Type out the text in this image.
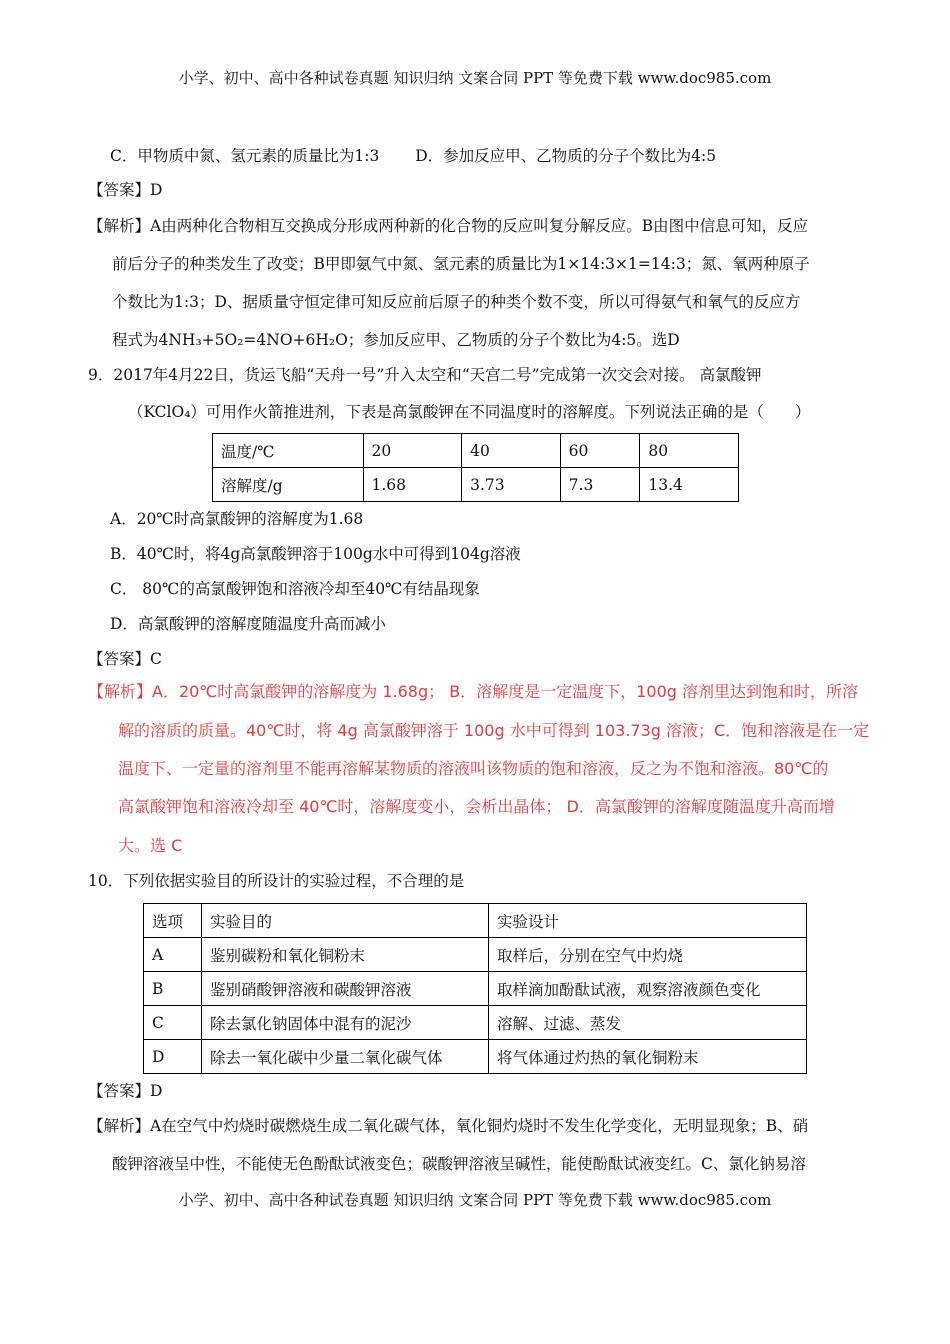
小学、初中、高中各种试卷真题 知识归纳 文案合同 PPT 等免费下载 www.doc985.com
C．甲物质中氮、氢元素的质量比为1:3　　 D．参加反应甲、乙物质的分子个数比为4:5
【答案】D
【解析】A由两种化合物相互交换成分形成两种新的化合物的反应叫复分解反应。B由图中信息可知，反应
前后分子的种类发生了改变；B甲即氨气中氮、氢元素的质量比为1×14:3×1=14:3；氮、氧两种原子
个数比为1:3；D、据质量守恒定律可知反应前后原子的种类个数不变，所以可得氨气和氧气的反应方
程式为4NH₃+5O₂=4NO+6H₂O；参加反应甲、乙物质的分子个数比为4:5。选D
9．2017年4月22日，货运飞船“天舟一号”升入太空和“天宫二号”完成第一次交会对接。 高氯酸钾
（KClO₄）可用作火箭推进剂，下表是高氯酸钾在不同温度时的溶解度。下列说法正确的是（　　）
温度/℃	20	40	60	80
溶解度/g	1.68	3.73	7.3	13.4
A．20℃时高氯酸钾的溶解度为1.68
B．40℃时，将4g高氯酸钾溶于100g水中可得到104g溶液
C． 80℃的高氯酸钾饱和溶液冷却至40℃有结晶现象
D．高氯酸钾的溶解度随温度升高而减小
【答案】C
【解析】A．20℃时高氯酸钾的溶解度为 1.68g； B．溶解度是一定温度下，100g 溶剂里达到饱和时，所溶
解的溶质的质量。40℃时，将 4g 高氯酸钾溶于 100g 水中可得到 103.73g 溶液；C．饱和溶液是在一定
温度下、一定量的溶剂里不能再溶解某物质的溶液叫该物质的饱和溶液，反之为不饱和溶液。80℃的
高氯酸钾饱和溶液冷却至 40℃时，溶解度变小，会析出晶体； D．高氯酸钾的溶解度随温度升高而增
大。选 C
10．下列依据实验目的所设计的实验过程，不合理的是
选项	实验目的	实验设计
A	鉴别碳粉和氧化铜粉末	取样后，分别在空气中灼烧
B	鉴别硝酸钾溶液和碳酸钾溶液	取样滴加酚酞试液，观察溶液颜色变化
C	除去氯化钠固体中混有的泥沙	溶解、过滤、蒸发
D	除去一氧化碳中少量二氧化碳气体	将气体通过灼热的氧化铜粉末
【答案】D
【解析】A在空气中灼烧时碳燃烧生成二氧化碳气体，氧化铜灼烧时不发生化学变化，无明显现象；B、硝
酸钾溶液呈中性，不能使无色酚酞试液变色；碳酸钾溶液呈碱性，能使酚酞试液变红。C、氯化钠易溶
小学、初中、高中各种试卷真题 知识归纳 文案合同 PPT 等免费下载 www.doc985.com
